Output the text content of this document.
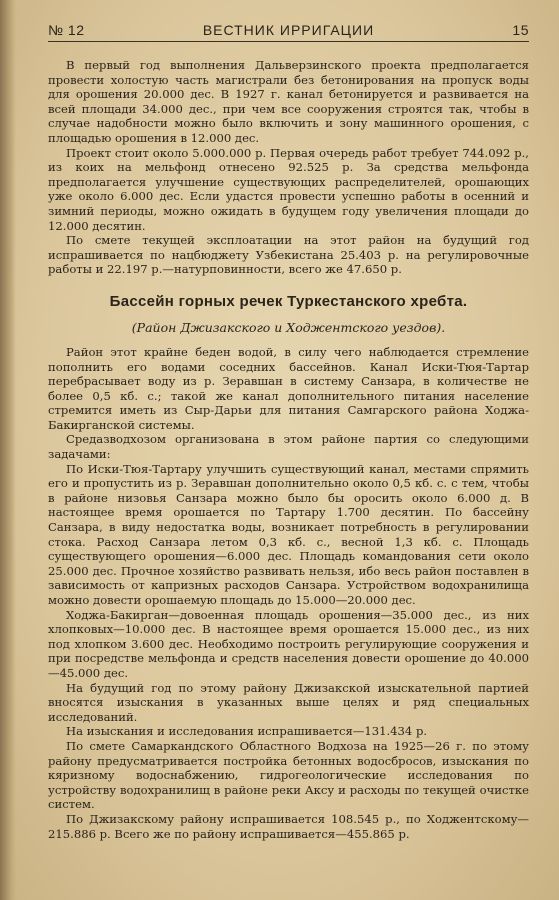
№ 12	ВЕСТНИК ИРРИГАЦИИ	15

В первый год выполнения Дальверзинского проекта предполагается провести холостую часть магистрали без бетонирования на пропуск воды для орошения 20.000 дес. В 1927 г. канал бетонируется и развивается на всей площади 34.000 дес., при чем все сооружения строятся так, чтобы в случае надобности можно было включить и зону машинного орошения, с площадью орошения в 12.000 дес.

Проект стоит около 5.000.000 р. Первая очередь работ требует 744.092 р., из коих на мельфонд отнесено 92.525 р. За средства мельфонда предполагается улучшение существующих распределителей, орошающих уже около 6.000 дес. Если удастся провести успешно работы в осенний и зимний периоды, можно ожидать в будущем году увеличения площади до 12.000 десятин.

По смете текущей эксплоатации на этот район на будущий год испрашивается по нацбюджету Узбекистана 25.403 р. на регулировочные работы и 22.197 р.—натурповинности, всего же 47.650 р.

Бассейн горных речек Туркестанского хребта.
(Район Джизакского и Ходжентского уездов).

Район этот крайне беден водой, в силу чего наблюдается стремление пополнить его водами соседних бассейнов. Канал Иски-Тюя-Тартар перебрасывает воду из р. Зеравшан в систему Санзара, в количестве не более 0,5 кб. с.; такой же канал дополнительного питания население стремится иметь из Сыр-Дарьи для питания Самгарского района Ходжа-Бакирганской системы.

Средазводхозом организована в этом районе партия со следующими задачами:

По Иски-Тюя-Тартару улучшить существующий канал, местами спрямить его и пропустить из р. Зеравшан дополнительно около 0,5 кб. с. с тем, чтобы в районе низовья Санзара можно было бы оросить около 6.000 д. В настоящее время орошается по Тартару 1.700 десятин. По бассейну Санзара, в виду недостатка воды, возникает потребность в регулировании стока. Расход Санзара летом 0,3 кб. с., весной 1,3 кб. с. Площадь существующего орошения—6.000 дес. Площадь командования сети около 25.000 дес. Прочное хозяйство развивать нельзя, ибо весь район поставлен в зависимость от капризных расходов Санзара. Устройством водохранилища можно довести орошаемую площадь до 15.000—20.000 дес.

Ходжа-Бакирган—довоенная площадь орошения—35.000 дес., из них хлопковых—10.000 дес. В настоящее время орошается 15.000 дес., из них под хлопком 3.600 дес. Необходимо построить регулирующие сооружения и при посредстве мельфонда и средств населения довести орошение до 40.000—45.000 дес.

На будущий год по этому району Джизакской изыскательной партией вносятся изыскания в указанных выше целях и ряд специальных исследований.

На изыскания и исследования испрашивается—131.434 р.

По смете Самаркандского Областного Водхоза на 1925—26 г. по этому району предусматривается постройка бетонных водосбросов, изыскания по кяризному водоснабжению, гидрогеологические исследования по устройству водохранилищ в районе реки Аксу и расходы по текущей очистке систем.

По Джизакскому району испрашивается 108.545 р., по Ходжентскому—215.886 р. Всего же по району испрашивается—455.865 р.
